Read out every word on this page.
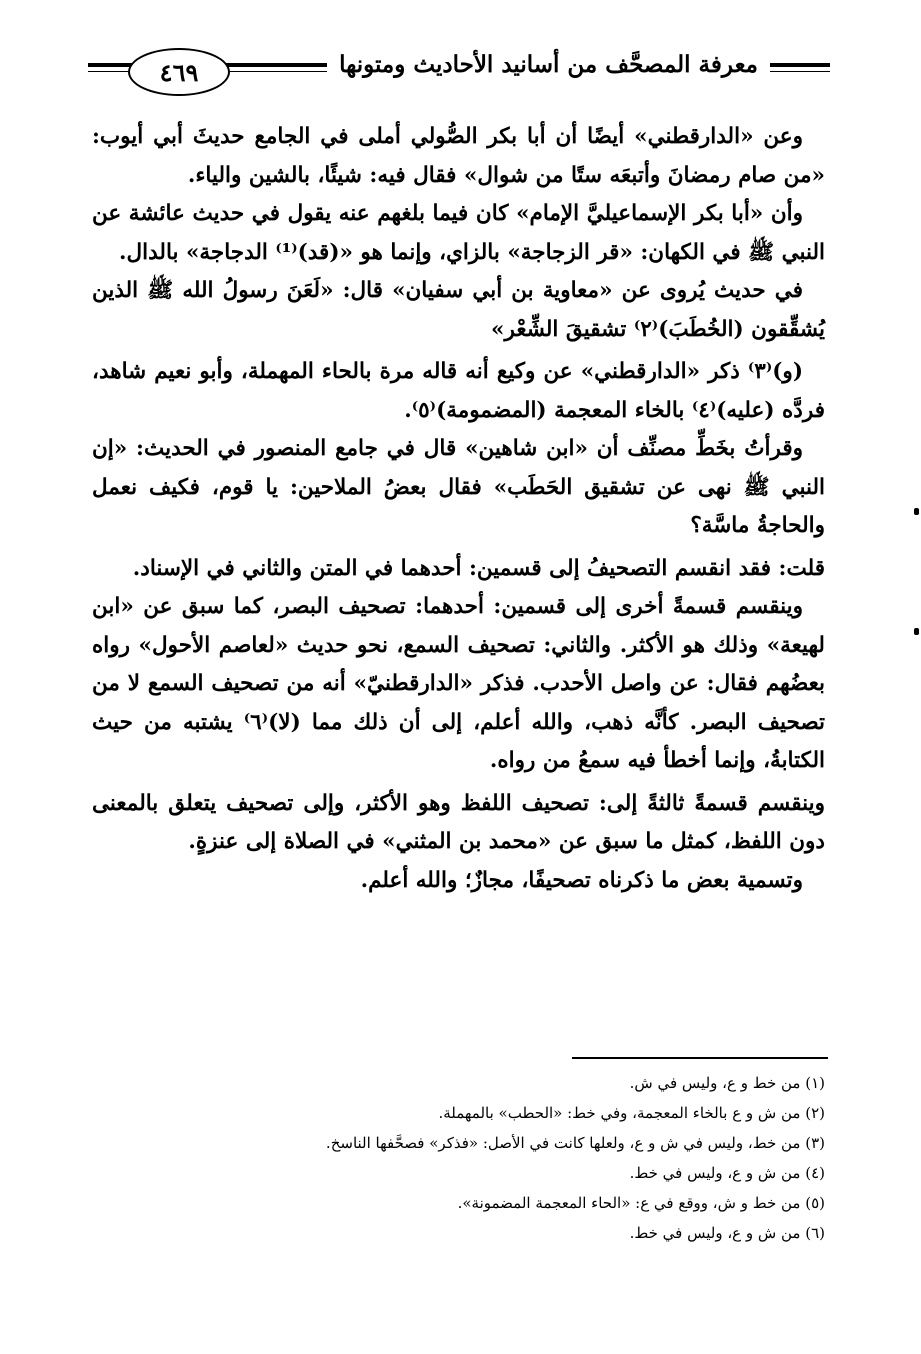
٤٦٩	معرفة المصحَّف من أسانيد الأحاديث ومتونها

وعن «الدارقطني» أيضًا أن أبا بكر الصُّولي أملى في الجامع حديثَ أبي أيوب: «من صام رمضانَ وأتبعَه ستًا من شوال» فقال فيه: شيئًا، بالشين والياء.

وأن «أبا بكر الإسماعيليَّ الإمام» كان فيما بلغهم عنه يقول في حديث عائشة عن النبي ﷺ في الكهان: «قر الزجاجة» بالزاي، وإنما هو «(قد)⁽¹⁾ الدجاجة» بالدال.

في حديث يُروى عن «معاوية بن أبي سفيان» قال: «لَعَنَ رسولُ الله ﷺ الذين يُشقِّقون (الخُطَبَ)⁽٢⁾ تشقيقَ الشِّعْر»

(و)⁽٣⁾ ذكر «الدارقطني» عن وكيع أنه قاله مرة بالحاء المهملة، وأبو نعيم شاهد، فردَّه (عليه)⁽٤⁾ بالخاء المعجمة (المضمومة)⁽٥⁾.

وقرأتُ بخَطِّ مصنِّف أن «ابن شاهين» قال في جامع المنصور في الحديث: «إن النبي ﷺ نهى عن تشقيق الحَطَب» فقال بعضُ الملاحين: يا قوم، فكيف نعمل والحاجةُ ماسَّة؟

قلت: فقد انقسم التصحيفُ إلى قسمين: أحدهما في المتن والثاني في الإسناد.

وينقسم قسمةً أخرى إلى قسمين: أحدهما: تصحيف البصر، كما سبق عن «ابن لهيعة» وذلك هو الأكثر. والثاني: تصحيف السمع، نحو حديث «لعاصم الأحول» رواه بعضُهم فقال: عن واصل الأحدب. فذكر «الدارقطنيّ» أنه من تصحيف السمع لا من تصحيف البصر. كأنَّه ذهب، والله أعلم، إلى أن ذلك مما (لا)⁽٦⁾ يشتبه من حيث الكتابةُ، وإنما أخطأ فيه سمعُ من رواه.

وينقسم قسمةً ثالثةً إلى: تصحيف اللفظ وهو الأكثر، وإلى تصحيف يتعلق بالمعنى دون اللفظ، كمثل ما سبق عن «محمد بن المثني» في الصلاة إلى عنزةٍ.

وتسمية بعض ما ذكرناه تصحيفًا، مجازٌ؛ والله أعلم.

(١) من خط و ع، وليس في ش.

(٢) من ش و ع بالخاء المعجمة، وفي خط: «الحطب» بالمهملة.

(٣) من خط، وليس في ش و ع، ولعلها كانت في الأصل: «فذكر» فصحَّفها الناسخ.

(٤) من ش و ع، وليس في خط.

(٥) من خط و ش، ووقع في ع: «الحاء المعجمة المضمونة».

(٦) من ش و ع، وليس في خط.
